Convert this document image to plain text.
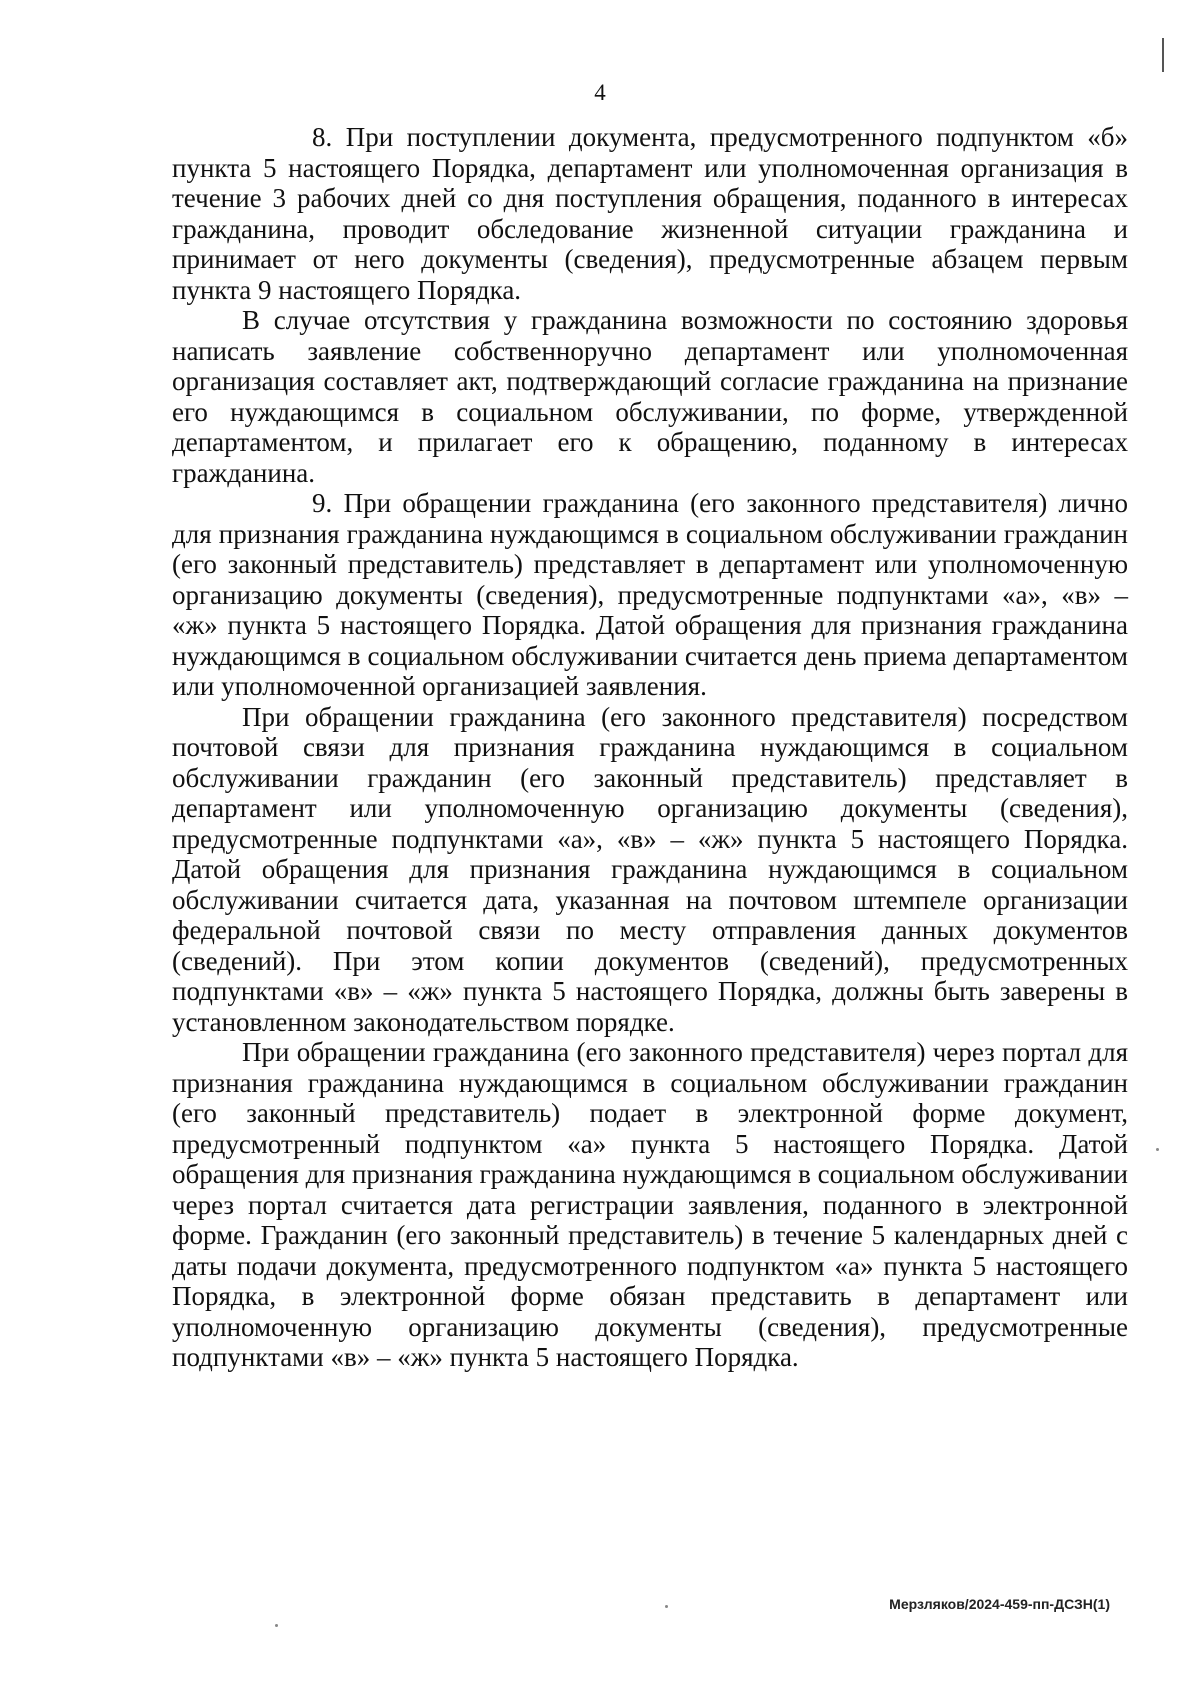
4

8. При поступлении документа, предусмотренного подпунктом «б» пункта 5 настоящего Порядка, департамент или уполномоченная организация в течение 3 рабочих дней со дня поступления обращения, поданного в интересах гражданина, проводит обследование жизненной ситуации гражданина и принимает от него документы (сведения), предусмотренные абзацем первым пункта 9 настоящего Порядка.

В случае отсутствия у гражданина возможности по состоянию здоровья написать заявление собственноручно департамент или уполномоченная организация составляет акт, подтверждающий согласие гражданина на признание его нуждающимся в социальном обслуживании, по форме, утвержденной департаментом, и прилагает его к обращению, поданному в интересах гражданина.

9. При обращении гражданина (его законного представителя) лично для признания гражданина нуждающимся в социальном обслуживании гражданин (его законный представитель) представляет в департамент или уполномоченную организацию документы (сведения), предусмотренные подпунктами «а», «в» – «ж» пункта 5 настоящего Порядка. Датой обращения для признания гражданина нуждающимся в социальном обслуживании считается день приема департаментом или уполномоченной организацией заявления.

При обращении гражданина (его законного представителя) посредством почтовой связи для признания гражданина нуждающимся в социальном обслуживании гражданин (его законный представитель) представляет в департамент или уполномоченную организацию документы (сведения), предусмотренные подпунктами «а», «в» – «ж» пункта 5 настоящего Порядка. Датой обращения для признания гражданина нуждающимся в социальном обслуживании считается дата, указанная на почтовом штемпеле организации федеральной почтовой связи по месту отправления данных документов (сведений). При этом копии документов (сведений), предусмотренных подпунктами «в» – «ж» пункта 5 настоящего Порядка, должны быть заверены в установленном законодательством порядке.

При обращении гражданина (его законного представителя) через портал для признания гражданина нуждающимся в социальном обслуживании гражданин (его законный представитель) подает в электронной форме документ, предусмотренный подпунктом «а» пункта 5 настоящего Порядка. Датой обращения для признания гражданина нуждающимся в социальном обслуживании через портал считается дата регистрации заявления, поданного в электронной форме. Гражданин (его законный представитель) в течение 5 календарных дней с даты подачи документа, предусмотренного подпунктом «а» пункта 5 настоящего Порядка, в электронной форме обязан представить в департамент или уполномоченную организацию документы (сведения), предусмотренные подпунктами «в» – «ж» пункта 5 настоящего Порядка.

Мерзляков/2024-459-пп-ДСЗН(1)
